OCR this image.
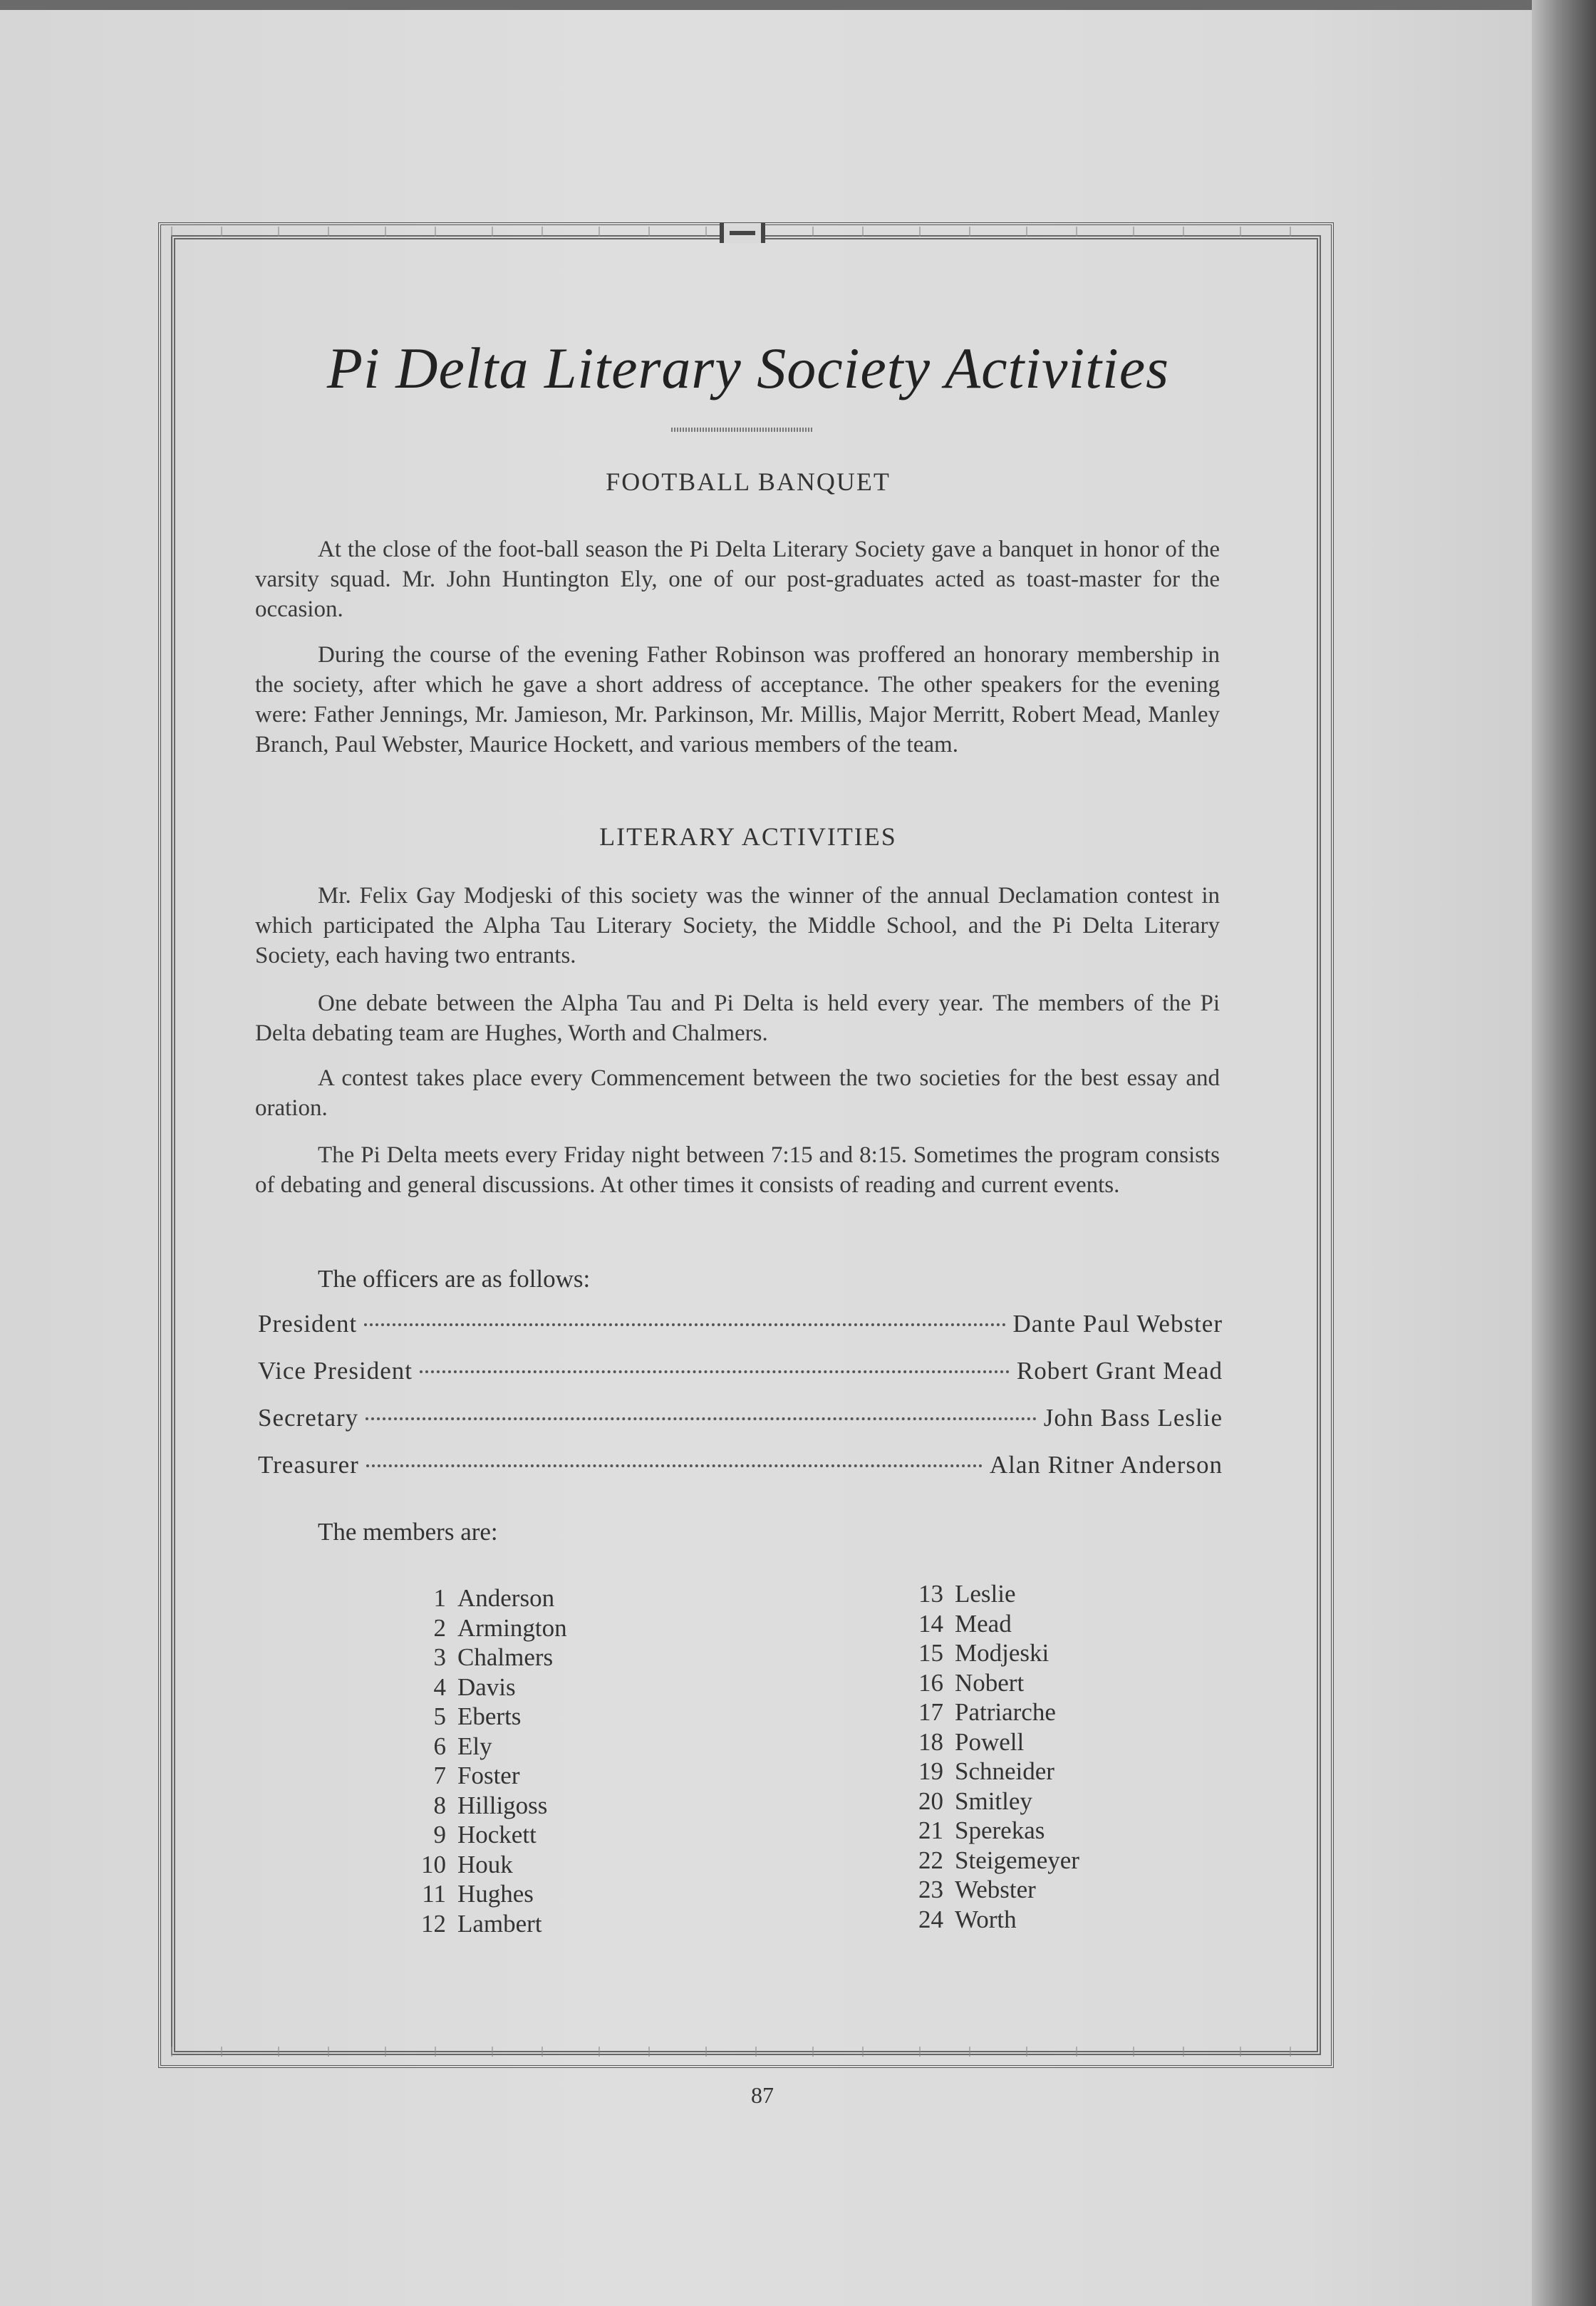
Pi Delta Literary Society Activities
FOOTBALL BANQUET

At the close of the foot-ball season the Pi Delta Literary Society gave a banquet in honor of the varsity squad. Mr. John Huntington Ely, one of our post-graduates acted as toast-master for the occasion.

During the course of the evening Father Robinson was proffered an honorary membership in the society, after which he gave a short address of acceptance. The other speakers for the evening were: Father Jennings, Mr. Jamieson, Mr. Parkinson, Mr. Millis, Major Merritt, Robert Mead, Manley Branch, Paul Webster, Maurice Hockett, and various members of the team.

LITERARY ACTIVITIES

Mr. Felix Gay Modjeski of this society was the winner of the annual Declamation contest in which participated the Alpha Tau Literary Society, the Middle School, and the Pi Delta Literary Society, each having two entrants.

One debate between the Alpha Tau and Pi Delta is held every year. The members of the Pi Delta debating team are Hughes, Worth and Chalmers.

A contest takes place every Commencement between the two societies for the best essay and oration.

The Pi Delta meets every Friday night between 7:15 and 8:15. Sometimes the program consists of debating and general discussions. At other times it consists of reading and current events.

The officers are as follows:
President	Dante Paul Webster
Vice President	Robert Grant Mead
Secretary	John Bass Leslie
Treasurer	Alan Ritner Anderson
The members are:
1 Anderson
2 Armington
3 Chalmers
4 Davis
5 Eberts
6 Ely
7 Foster
8 Hilligoss
9 Hockett
10 Houk
11 Hughes
12 Lambert
13 Leslie
14 Mead
15 Modjeski
16 Nobert
17 Patriarche
18 Powell
19 Schneider
20 Smitley
21 Sperekas
22 Steigemeyer
23 Webster
24 Worth
87
